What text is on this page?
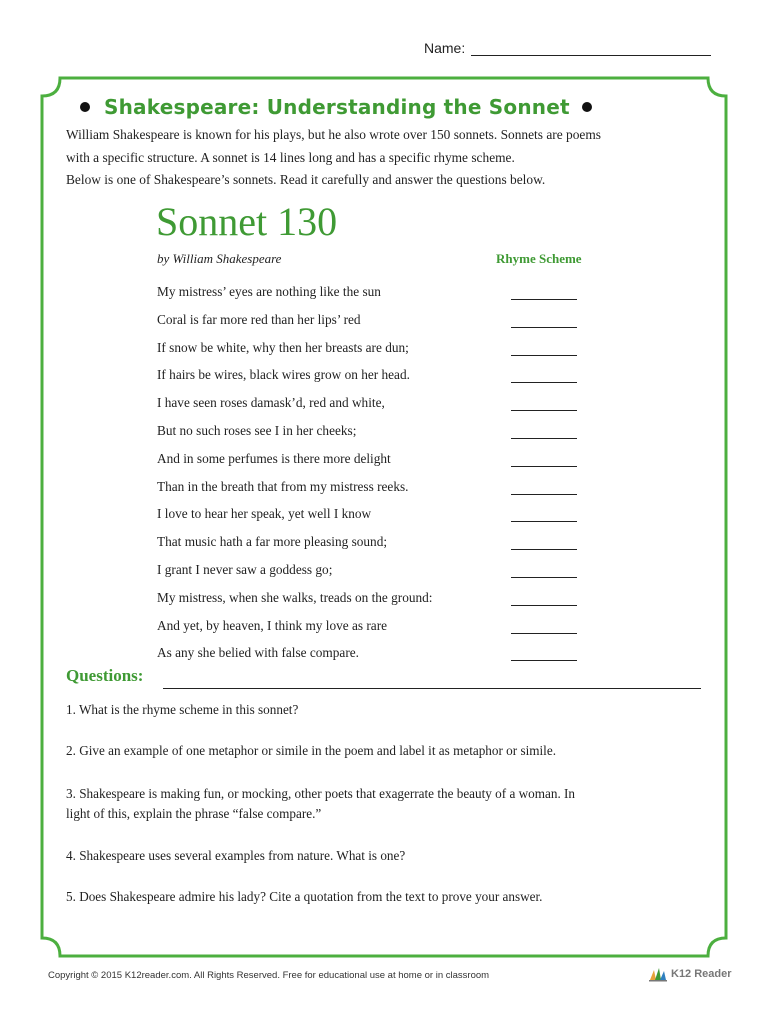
Name:
Shakespeare: Understanding the Sonnet

William Shakespeare is known for his plays, but he also wrote over 150 sonnets. Sonnets are poems

with a specific structure. A sonnet is 14 lines long and has a specific rhyme scheme.

Below is one of Shakespeare’s sonnets. Read it carefully and answer the questions below.

Sonnet 130
by William Shakespeare	Rhyme Scheme
My mistress’ eyes are nothing like the sun
Coral is far more red than her lips’ red
If snow be white, why then her breasts are dun;
If hairs be wires, black wires grow on her head.
I have seen roses damask’d, red and white,
But no such roses see I in her cheeks;
And in some perfumes is there more delight
Than in the breath that from my mistress reeks.
I love to hear her speak, yet well I know
That music hath a far more pleasing sound;
I grant I never saw a goddess go;
My mistress, when she walks, treads on the ground:
And yet, by heaven, I think my love as rare
As any she belied with false compare.
Questions:
1. What is the rhyme scheme in this sonnet?
2. Give an example of one metaphor or simile in the poem and label it as metaphor or simile.
3. Shakespeare is making fun, or mocking, other poets that exagerrate the beauty of a woman. In
light of this, explain the phrase “false compare.”
4. Shakespeare uses several examples from nature. What is one?
5. Does Shakespeare admire his lady? Cite a quotation from the text to prove your answer.
Copyright © 2015 K12reader.com. All Rights Reserved. Free for educational use at home or in classroom	K12 Reader
